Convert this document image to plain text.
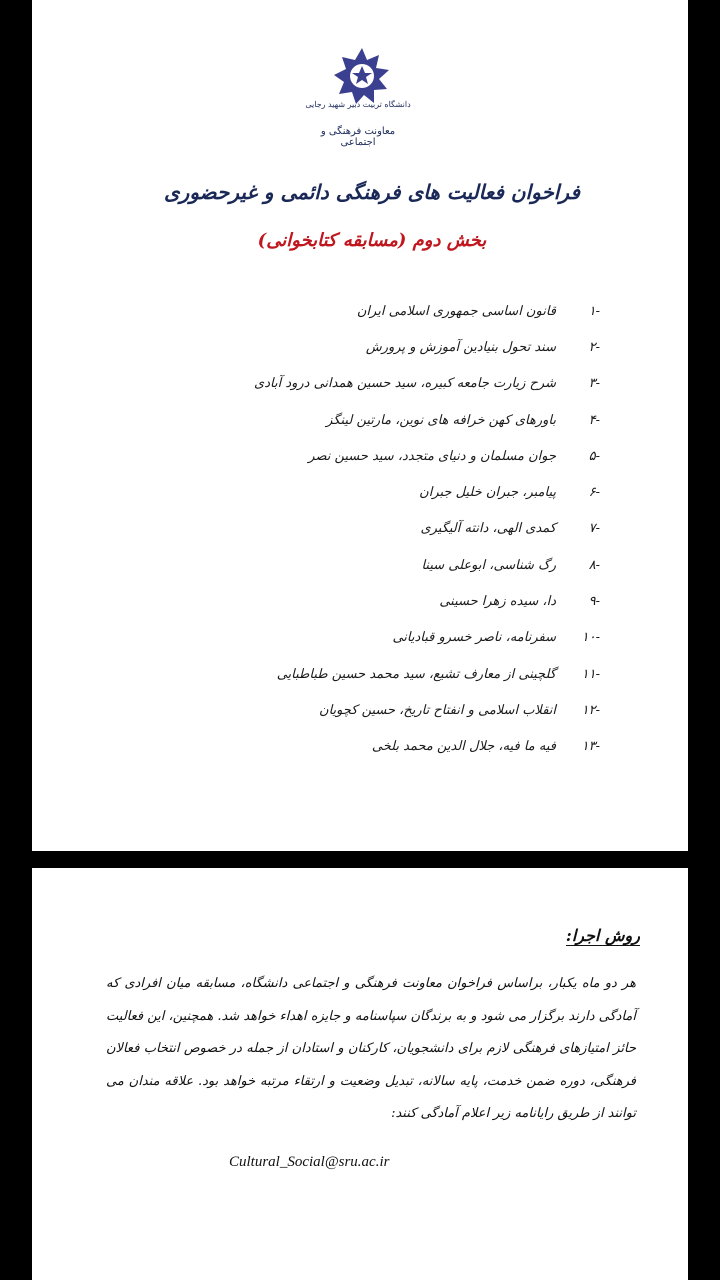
دانشگاه تربیت دبیر شهید رجایی
معاونت فرهنگی و اجتماعی
فراخوان فعالیت های فرهنگی دائمی و غیرحضوری
بخش دوم (مسابقه کتابخوانی)
-۱
قانون اساسی جمهوری اسلامی ایران
-۲
سند تحول بنیادین آموزش و پرورش
-۳
شرح زیارت جامعه کبیره، سید حسین همدانی درود آبادی
-۴
باورهای کهن خرافه های نوین، مارتین لینگز
-۵
جوان مسلمان و دنیای متجدد، سید حسین نصر
-۶
پیامبر، جبران خلیل جبران
-۷
کمدی الهی، دانته آلیگیری
-۸
رگ شناسی، ابوعلی سینا
-۹
دا، سیده زهرا حسینی
-۱۰
سفرنامه، ناصر خسرو قبادیانی
-۱۱
گلچینی از معارف تشیع، سید محمد حسین طباطبایی
-۱۲
انقلاب اسلامی و انفتاح تاریخ، حسین کچویان
-۱۳
فیه ما فیه، جلال الدین محمد بلخی
روش اجرا:
هر دو ماه یکبار، براساس فراخوان معاونت فرهنگی و اجتماعی دانشگاه، مسابقه میان افرادی که آمادگی دارند برگزار می شود و به برندگان سپاسنامه و جایزه اهداء خواهد شد. همچنین، این فعالیت حائز امتیازهای فرهنگی لازم برای دانشجویان، کارکنان و استادان از جمله در خصوص انتخاب فعالان فرهنگی، دوره ضمن خدمت، پایه سالانه، تبدیل وضعیت و ارتقاء مرتبه خواهد بود. علاقه مندان می توانند از طریق رایانامه زیر اعلام آمادگی کنند:
Cultural_Social@sru.ac.ir
